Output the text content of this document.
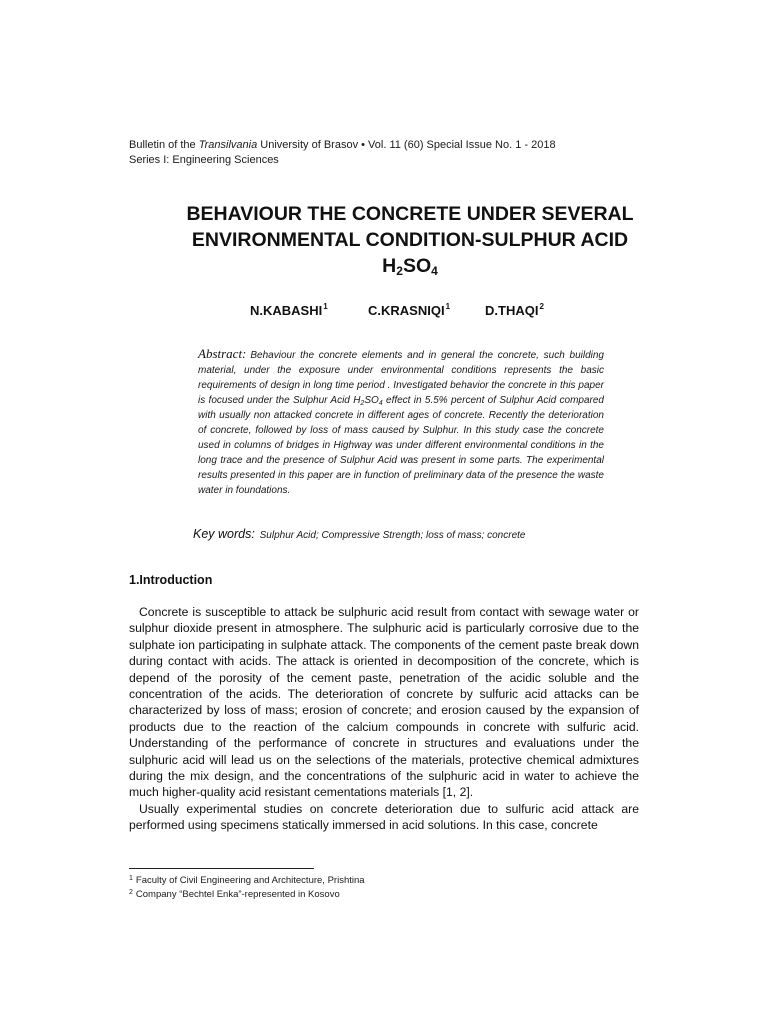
Bulletin of the Transilvania University of Brasov • Vol. 11 (60) Special Issue No. 1 - 2018
Series I: Engineering Sciences
BEHAVIOUR THE CONCRETE UNDER SEVERAL
ENVIRONMENTAL CONDITION-SULPHUR ACID
$H_2SO_4$
N.KABASHI$^1$	C.KRASNIQI$^1$	D.THAQI$^2$
Abstract: Behaviour the concrete elements and in general the concrete, such building material, under the exposure under environmental conditions represents the basic requirements of design in long time period . Investigated behavior the concrete in this paper is focused under the Sulphur Acid $H_2SO_4$ effect in 5.5% percent of Sulphur Acid compared with usually non attacked concrete in different ages of concrete. Recently the deterioration of concrete, followed by loss of mass caused by Sulphur. In this study case the concrete used in columns of bridges in Highway was under different environmental conditions in the long trace and the presence of Sulphur Acid was present in some parts. The experimental results presented in this paper are in function of preliminary data of the presence the waste water in foundations.
Key words: Sulphur Acid; Compressive Strength; loss of mass; concrete
1.Introduction

Concrete is susceptible to attack be sulphuric acid result from contact with sewage water or sulphur dioxide present in atmosphere. The sulphuric acid is particularly corrosive due to the sulphate ion participating in sulphate attack. The components of the cement paste break down during contact with acids. The attack is oriented in decomposition of the concrete, which is depend of the porosity of the cement paste, penetration of the acidic soluble and the concentration of the acids. The deterioration of concrete by sulfuric acid attacks can be characterized by loss of mass; erosion of concrete; and erosion caused by the expansion of products due to the reaction of the calcium compounds in concrete with sulfuric acid. Understanding of the performance of concrete in structures and evaluations under the sulphuric acid will lead us on the selections of the materials, protective chemical admixtures during the mix design, and the concentrations of the sulphuric acid in water to achieve the much higher-quality acid resistant cementations materials [1, 2].

Usually experimental studies on concrete deterioration due to sulfuric acid attack are performed using specimens statically immersed in acid solutions. In this case, concrete

$^1$ Faculty of Civil Engineering and Architecture, Prishtina
$^2$ Company “Bechtel Enka”-represented in Kosovo
